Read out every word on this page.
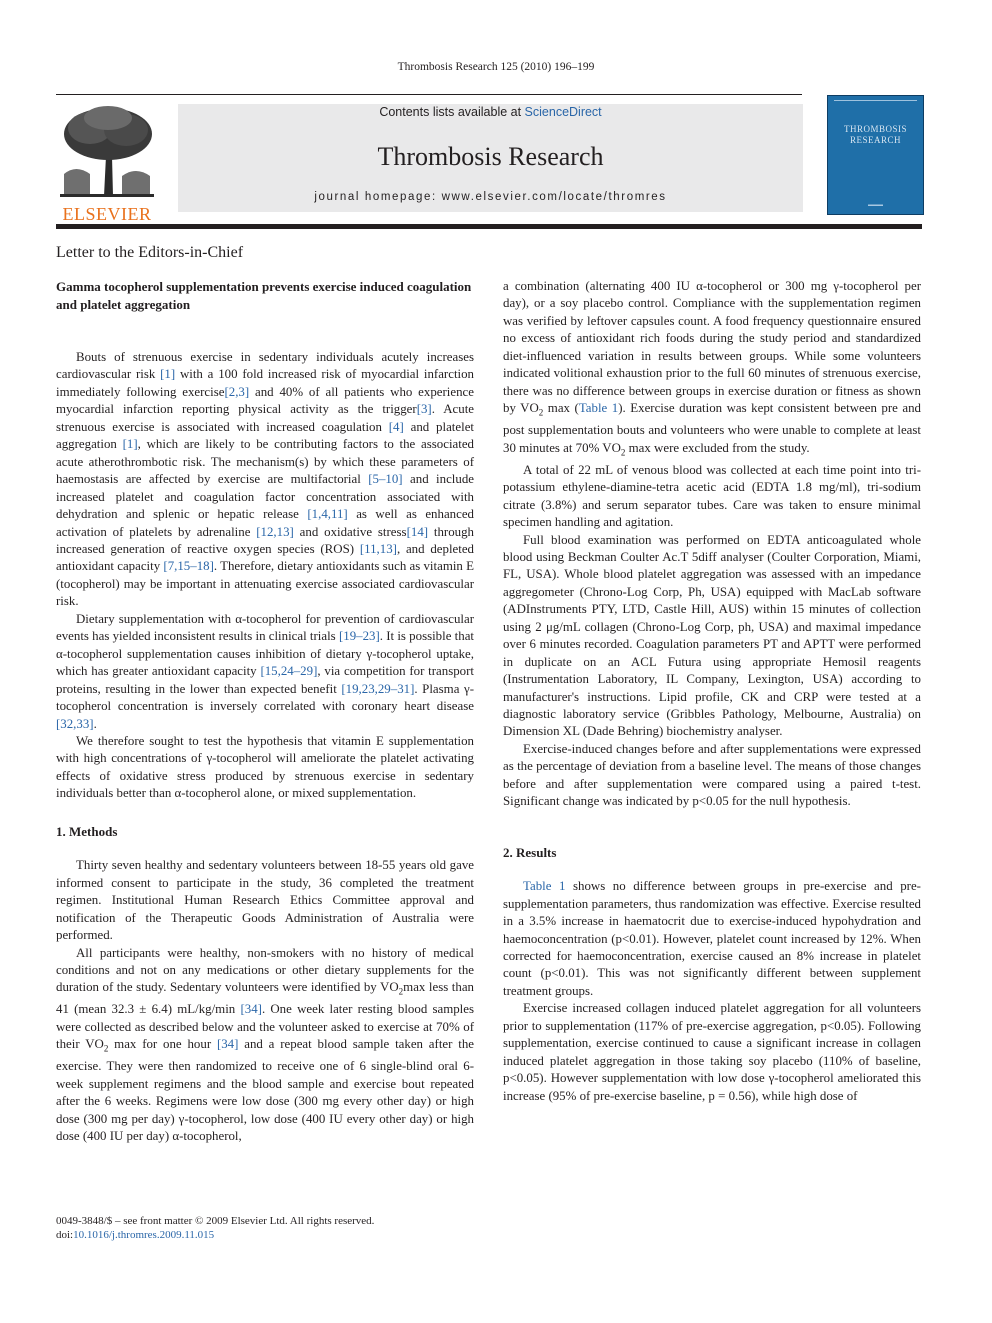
Thrombosis Research 125 (2010) 196–199
ELSEVIER
Contents lists available at ScienceDirect
Thrombosis Research
journal homepage: www.elsevier.com/locate/thromres
THROMBOSIS
RESEARCH
▬▬▬
Letter to the Editors-in-Chief
Gamma tocopherol supplementation prevents exercise induced coagulation and platelet aggregation

Bouts of strenuous exercise in sedentary individuals acutely increases cardiovascular risk [1] with a 100 fold increased risk of myocardial infarction immediately following exercise[2,3] and 40% of all patients who experience myocardial infarction reporting physical activity as the trigger[3]. Acute strenuous exercise is associated with increased coagulation [4] and platelet aggregation [1], which are likely to be contributing factors to the associated acute atherothrombotic risk. The mechanism(s) by which these parameters of haemostasis are affected by exercise are multifactorial [5–10] and include increased platelet and coagulation factor concentration associated with dehydration and splenic or hepatic release [1,4,11] as well as enhanced activation of platelets by adrenaline [12,13] and oxidative stress[14] through increased generation of reactive oxygen species (ROS) [11,13], and depleted antioxidant capacity [7,15–18]. Therefore, dietary antioxidants such as vitamin E (tocopherol) may be important in attenuating exercise associated cardiovascular risk.

Dietary supplementation with α-tocopherol for prevention of cardiovascular events has yielded inconsistent results in clinical trials [19–23]. It is possible that α-tocopherol supplementation causes inhibition of dietary γ-tocopherol uptake, which has greater antioxidant capacity [15,24–29], via competition for transport proteins, resulting in the lower than expected benefit [19,23,29–31]. Plasma γ-tocopherol concentration is inversely correlated with coronary heart disease [32,33].

We therefore sought to test the hypothesis that vitamin E supplementation with high concentrations of γ-tocopherol will ameliorate the platelet activating effects of oxidative stress produced by strenuous exercise in sedentary individuals better than α-tocopherol alone, or mixed supplementation.

1. Methods

Thirty seven healthy and sedentary volunteers between 18-55 years old gave informed consent to participate in the study, 36 completed the treatment regimen. Institutional Human Research Ethics Committee approval and notification of the Therapeutic Goods Administration of Australia were performed.

All participants were healthy, non-smokers with no history of medical conditions and not on any medications or other dietary supplements for the duration of the study. Sedentary volunteers were identified by $VO_2\max$ less than 41 (mean 32.3 ± 6.4) mL/kg/min [34]. One week later resting blood samples were collected as described below and the volunteer asked to exercise at 70% of their $VO_2$ max for one hour [34] and a repeat blood sample taken after the exercise. They were then randomized to receive one of 6 single-blind oral 6-week supplement regimens and the blood sample and exercise bout repeated after the 6 weeks. Regimens were low dose (300 mg every other day) or high dose (300 mg per day) γ-tocopherol, low dose (400 IU every other day) or high dose (400 IU per day) α-tocopherol,

a combination (alternating 400 IU α-tocopherol or 300 mg γ-tocopherol per day), or a soy placebo control. Compliance with the supplementation regimen was verified by leftover capsules count. A food frequency questionnaire ensured no excess of antioxidant rich foods during the study period and standardized diet-influenced variation in results between groups. While some volunteers indicated volitional exhaustion prior to the full 60 minutes of strenuous exercise, there was no difference between groups in exercise duration or fitness as shown by $VO_2$ max (Table 1). Exercise duration was kept consistent between pre and post supplementation bouts and volunteers who were unable to complete at least 30 minutes at 70% $VO_2$ max were excluded from the study.

A total of 22 mL of venous blood was collected at each time point into tri-potassium ethylene-diamine-tetra acetic acid (EDTA 1.8 mg/ml), tri-sodium citrate (3.8%) and serum separator tubes. Care was taken to ensure minimal specimen handling and agitation.

Full blood examination was performed on EDTA anticoagulated whole blood using Beckman Coulter Ac.T 5diff analyser (Coulter Corporation, Miami, FL, USA). Whole blood platelet aggregation was assessed with an impedance aggregometer (Chrono-Log Corp, Ph, USA) equipped with MacLab software (ADInstruments PTY, LTD, Castle Hill, AUS) within 15 minutes of collection using 2 μg/mL collagen (Chrono-Log Corp, ph, USA) and maximal impedance over 6 minutes recorded. Coagulation parameters PT and APTT were performed in duplicate on an ACL Futura using appropriate Hemosil reagents (Instrumentation Laboratory, IL Company, Lexington, USA) according to manufacturer's instructions. Lipid profile, CK and CRP were tested at a diagnostic laboratory service (Gribbles Pathology, Melbourne, Australia) on Dimension XL (Dade Behring) biochemistry analyser.

Exercise-induced changes before and after supplementations were expressed as the percentage of deviation from a baseline level. The means of those changes before and after supplementation were compared using a paired t-test. Significant change was indicated by p<0.05 for the null hypothesis.

2. Results

Table 1 shows no difference between groups in pre-exercise and pre-supplementation parameters, thus randomization was effective. Exercise resulted in a 3.5% increase in haematocrit due to exercise-induced hypohydration and haemoconcentration (p<0.01). However, platelet count increased by 12%. When corrected for haemoconcentration, exercise caused an 8% increase in platelet count (p<0.01). This was not significantly different between supplement treatment groups.

Exercise increased collagen induced platelet aggregation for all volunteers prior to supplementation (117% of pre-exercise aggregation, p<0.05). Following supplementation, exercise continued to cause a significant increase in collagen induced platelet aggregation in those taking soy placebo (110% of baseline, p<0.05). However supplementation with low dose γ-tocopherol ameliorated this increase (95% of pre-exercise baseline, p = 0.56), while high dose of

0049-3848/$ – see front matter © 2009 Elsevier Ltd. All rights reserved.
doi:10.1016/j.thromres.2009.11.015
